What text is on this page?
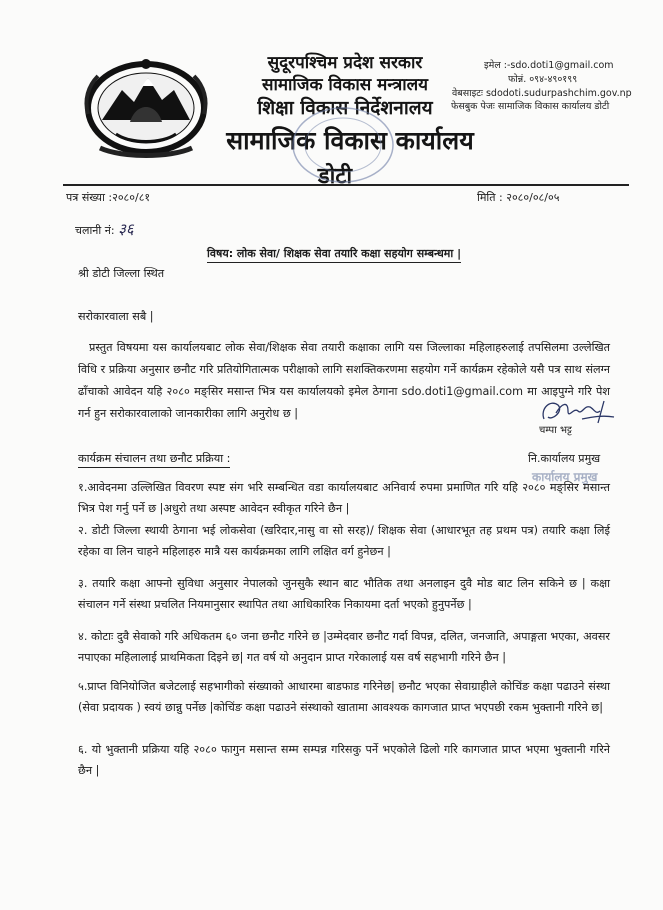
सुदूरपश्चिम प्रदेश सरकार
सामाजिक विकास मन्त्रालय
शिक्षा विकास निर्देशनालय
सामाजिक विकास कार्यालय
डोटी
इमेल :-sdo.doti1@gmail.com
फोन्नं. ०९४-४९०१९९
वेबसाइटः sdodoti.sudurpashchim.gov.np
फेसबुक पेजः सामाजिक विकास कार्यालय डोटी
पत्र संख्या :२०८०/८१	मिति : २०८०/०८/०५
चलानी नं: ३६
विषय: लोक सेवा/ शिक्षक सेवा तयारि कक्षा सहयोग सम्बन्धमा |
श्री डोटी जिल्ला स्थित
सरोकारवाला सबै |
प्रस्तुत विषयमा यस कार्यालयबाट लोक सेवा/शिक्षक सेवा तयारी कक्षाका लागि यस जिल्लाका महिलाहरुलाई तपसिलमा उल्लेखित विधि र प्रक्रिया अनुसार छनौट गरि प्रतियोगितात्मक परीक्षाको लागि सशक्तिकरणमा सहयोग गर्ने कार्यक्रम रहेकोले यसै पत्र साथ संलग्न ढाँचाको आवेदन यहि २०८० मङ्सिर मसान्त भित्र यस कार्यालयको इमेल ठेगाना sdo.doti1@gmail.com मा आइपुग्ने गरि पेश गर्न हुन सरोकारवालाको जानकारीका लागि अनुरोध छ |
चम्पा भट्ट
कार्यक्रम संचालन तथा छनौट प्रक्रिया :	नि.कार्यालय प्रमुख
कार्यालय प्रमुख
१.आवेदनमा उल्लिखित विवरण स्पष्ट संग भरि सम्बन्धित वडा कार्यालयबाट अनिवार्य रुपमा प्रमाणित गरि यहि २०८० मङ्सिर मसान्त भित्र पेश गर्नु पर्ने छ |अधुरो तथा अस्पष्ट आवेदन स्वीकृत गरिने छैन |
२. डोटी जिल्ला स्थायी ठेगाना भई लोकसेवा (खरिदार,नासु वा सो सरह)/ शिक्षक सेवा (आधारभूत तह प्रथम पत्र) तयारि कक्षा लिई रहेका वा लिन चाहने महिलाहरु मात्रै यस कार्यक्रमका लागि लक्षित वर्ग हुनेछन |
३. तयारि कक्षा आफ्नो सुविधा अनुसार नेपालको जुनसुकै स्थान बाट भौतिक तथा अनलाइन दुवै मोड बाट लिन सकिने छ | कक्षा संचालन गर्ने संस्था प्रचलित नियमानुसार स्थापित तथा आधिकारिक निकायमा दर्ता भएको हुनुपर्नेछ |
४. कोटाः दुवै सेवाको गरि अधिकतम ६० जना छनौट गरिने छ |उम्मेदवार छनौट गर्दा विपन्न, दलित, जनजाति, अपाङ्गता भएका, अवसर नपाएका महिलालाई प्राथमिकता दिइने छ| गत वर्ष यो अनुदान प्राप्त गरेकालाई यस वर्ष सहभागी गरिने छैन |
५.प्राप्त विनियोजित बजेटलाई सहभागीको संख्याको आधारमा बाडफाड गरिनेछ| छनौट भएका सेवाग्राहीले कोचिंङ कक्षा पढाउने संस्था (सेवा प्रदायक ) स्वयं छान्नु पर्नेछ |कोचिंङ कक्षा पढाउने संस्थाको खातामा आवश्यक कागजात प्राप्त भएपछी रकम भुक्तानी गरिने छ|
६. यो भुक्तानी प्रक्रिया यहि २०८० फागुन मसान्त सम्म सम्पन्न गरिसकु पर्ने भएकोले ढिलो गरि कागजात प्राप्त भएमा भुक्तानी गरिने छैन |
